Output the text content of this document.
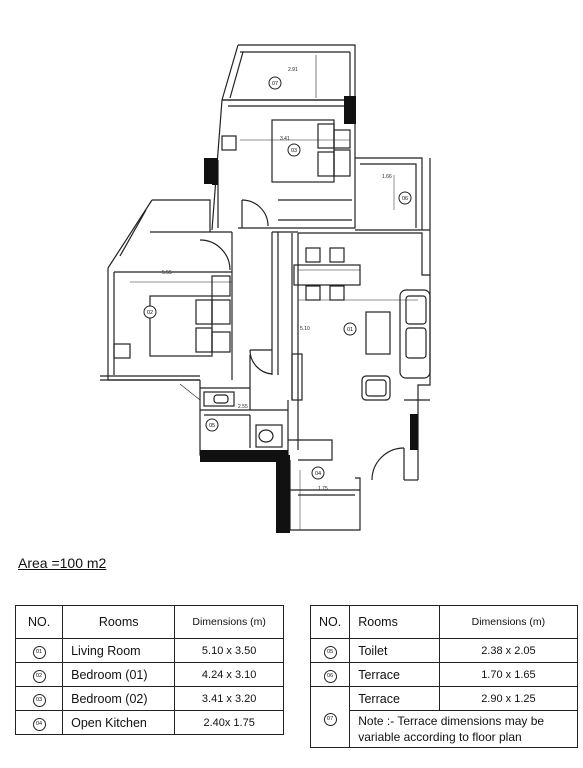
2.91
3.41
1.66
5.55
5.10
2.55
1.75
07
03
06
02
01
05
04
Area =100 m2
NO.	Rooms	Dimensions (m)
01	Living Room	5.10 x 3.50
02	Bedroom (01)	4.24 x 3.10
03	Bedroom (02)	3.41 x 3.20
04	Open Kitchen	2.40x 1.75
NO.	Rooms	Dimensions (m)
05	Toilet	2.38 x 2.05
06	Terrace	1.70 x 1.65
07	Terrace	2.90 x 1.25
	Note :- Terrace dimensions may be variable according to floor plan	
